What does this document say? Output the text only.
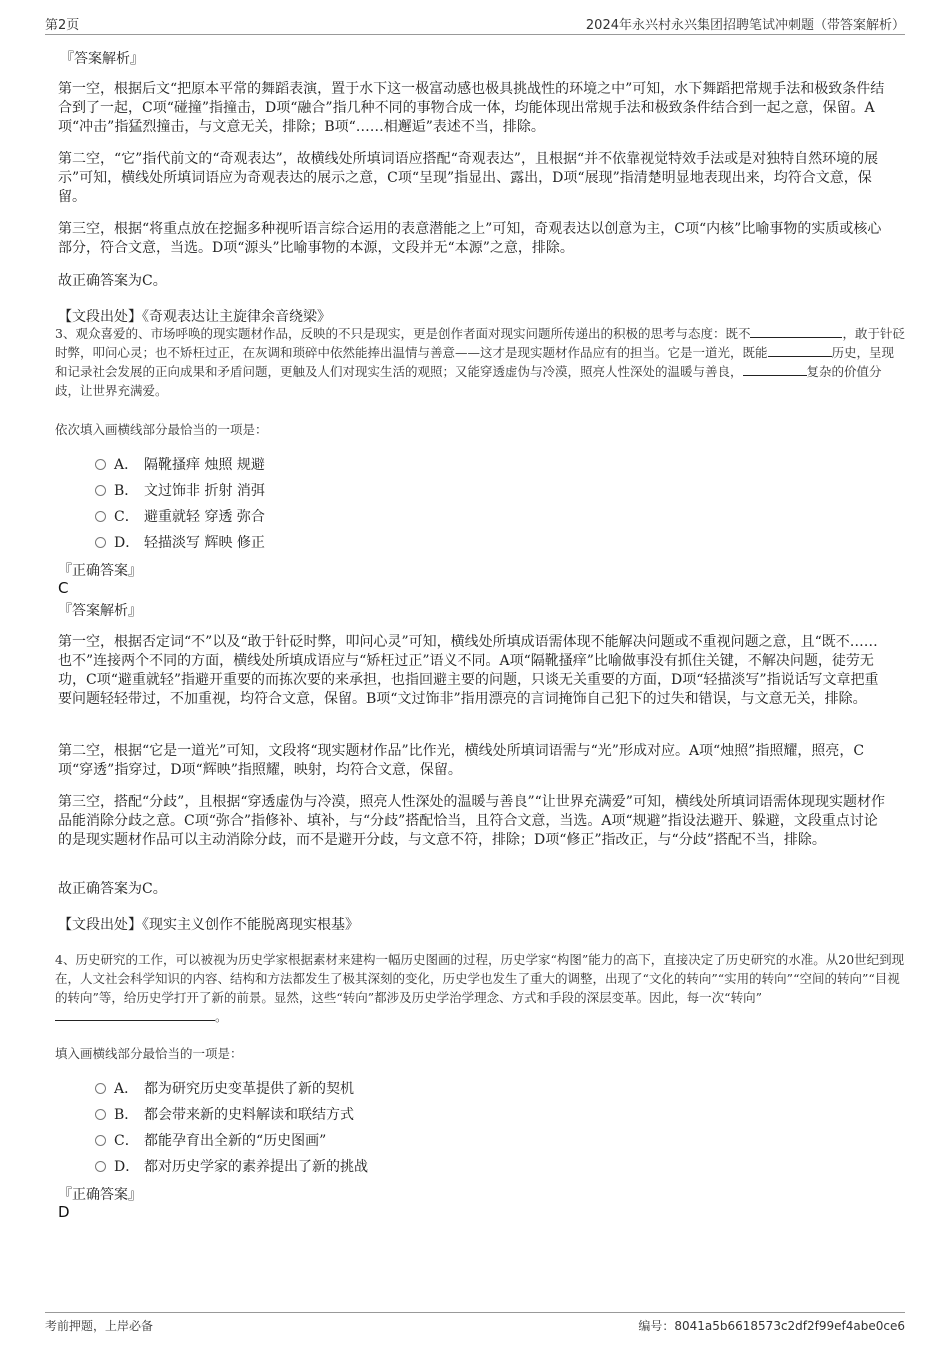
第2页	2024年永兴村永兴集团招聘笔试冲刺题（带答案解析）
『答案解析』

第一空，根据后文“把原本平常的舞蹈表演，置于水下这一极富动感也极具挑战性的环境之中”可知，水下舞蹈把常规手法和极致条件结合到了一起，C项“碰撞”指撞击，D项“融合”指几种不同的事物合成一体，均能体现出常规手法和极致条件结合到一起之意，保留。A项“冲击”指猛烈撞击，与文意无关，排除；B项“……相邂逅”表述不当，排除。

第二空，“它”指代前文的“奇观表达”，故横线处所填词语应搭配“奇观表达”，且根据“并不依靠视觉特效手法或是对独特自然环境的展示”可知，横线处所填词语应为奇观表达的展示之意，C项“呈现”指显出、露出，D项“展现”指清楚明显地表现出来，均符合文意，保留。

第三空，根据“将重点放在挖掘多种视听语言综合运用的表意潜能之上”可知，奇观表达以创意为主，C项“内核”比喻事物的实质或核心部分，符合文意，当选。D项“源头”比喻事物的本源，文段并无“本源”之意，排除。

故正确答案为C。
【文段出处】《奇观表达让主旋律余音绕梁》

3、观众喜爱的、市场呼唤的现实题材作品，反映的不只是现实，更是创作者面对现实问题所传递出的积极的思考与态度：既不	，敢于针砭时弊，叩问心灵；也不矫枉过正，在灰调和琐碎中依然能捧出温情与善意——这才是现实题材作品应有的担当。它是一道光，既能	历史，呈现和记录社会发展的正向成果和矛盾问题，更触及人们对现实生活的观照；又能穿透虚伪与冷漠，照亮人性深处的温暖与善良，	复杂的价值分歧，让世界充满爱。

依次填入画横线部分最恰当的一项是：
A． 隔靴搔痒 烛照 规避
B． 文过饰非 折射 消弭
C． 避重就轻 穿透 弥合
D． 轻描淡写 辉映 修正
『正确答案』
C
『答案解析』

第一空，根据否定词“不”以及“敢于针砭时弊，叩问心灵”可知，横线处所填成语需体现不能解决问题或不重视问题之意，且“既不……也不”连接两个不同的方面，横线处所填成语应与“矫枉过正”语义不同。A项“隔靴搔痒”比喻做事没有抓住关键，不解决问题，徒劳无功，C项“避重就轻”指避开重要的而拣次要的来承担，也指回避主要的问题，只谈无关重要的方面，D项“轻描淡写”指说话写文章把重要问题轻轻带过，不加重视，均符合文意，保留。B项“文过饰非”指用漂亮的言词掩饰自己犯下的过失和错误，与文意无关，排除。

第二空，根据“它是一道光”可知，文段将“现实题材作品”比作光，横线处所填词语需与“光”形成对应。A项“烛照”指照耀，照亮，C项“穿透”指穿过，D项“辉映”指照耀，映射，均符合文意，保留。

第三空，搭配“分歧”，且根据“穿透虚伪与冷漠，照亮人性深处的温暖与善良”“让世界充满爱”可知，横线处所填词语需体现现实题材作品能消除分歧之意。C项“弥合”指修补、填补，与“分歧”搭配恰当，且符合文意，当选。A项“规避”指设法避开、躲避，文段重点讨论的是现实题材作品可以主动消除分歧，而不是避开分歧，与文意不符，排除；D项“修正”指改正，与“分歧”搭配不当，排除。

故正确答案为C。
【文段出处】《现实主义创作不能脱离现实根基》

4、历史研究的工作，可以被视为历史学家根据素材来建构一幅历史图画的过程，历史学家“构图”能力的高下，直接决定了历史研究的水准。从20世纪到现在，人文社会科学知识的内容、结构和方法都发生了极其深刻的变化，历史学也发生了重大的调整，出现了“文化的转向”“实用的转向”“空间的转向”“目视的转向”等，给历史学打开了新的前景。显然，这些“转向”都涉及历史学治学理念、方式和手段的深层变革。因此，每一次“转向”。

填入画横线部分最恰当的一项是：
A． 都为研究历史变革提供了新的契机
B． 都会带来新的史料解读和联结方式
C． 都能孕育出全新的“历史图画”
D． 都对历史学家的素养提出了新的挑战
『正确答案』
D
考前押题，上岸必备	编号：8041a5b6618573c2df2f99ef4abe0ce6
